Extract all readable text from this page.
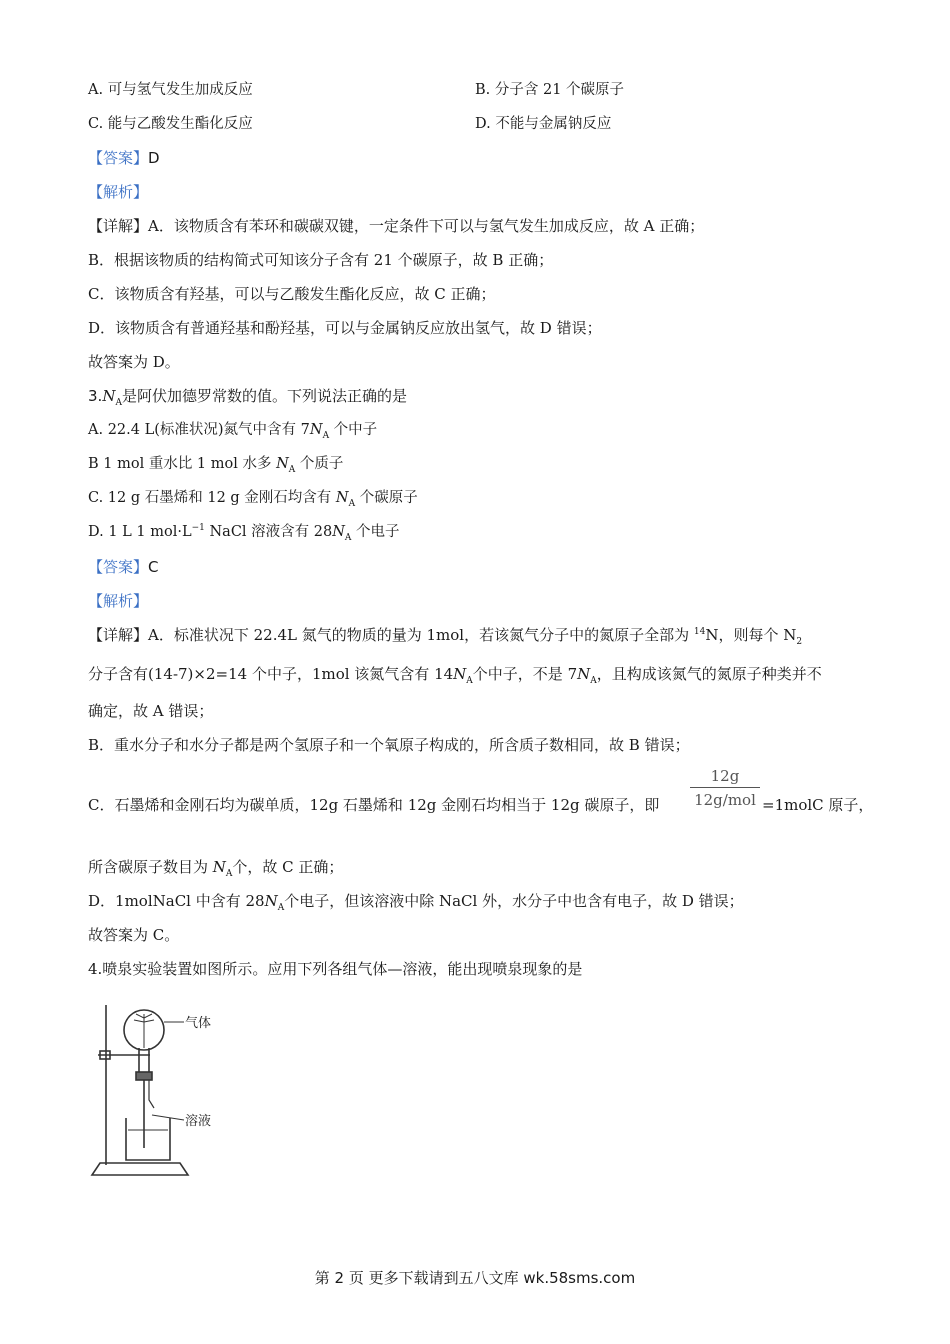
A. 可与氢气发生加成反应	B. 分子含 21 个碳原子
C. 能与乙酸发生酯化反应	D. 不能与金属钠反应
【答案】D
【解析】
【详解】A．该物质含有苯环和碳碳双键，一定条件下可以与氢气发生加成反应，故 A 正确；
B．根据该物质的结构简式可知该分子含有 21 个碳原子，故 B 正确；
C．该物质含有羟基，可以与乙酸发生酯化反应，故 C 正确；
D．该物质含有普通羟基和酚羟基，可以与金属钠反应放出氢气，故 D 错误；
故答案为 D。
$3.N_A$是阿伏加德罗常数的值。下列说法正确的是
A. 22.4 L(标准状况)氮气中含有 $7N_A$ 个中子
B 1 mol 重水比 1 mol 水多 $N_A$ 个质子
C. 12 g 石墨烯和 12 g 金刚石均含有 $N_A$ 个碳原子
D. 1 L 1 $mol\cdot L^{-1}$ NaCl 溶液含有 $28N_A$ 个电子
【答案】C
【解析】
【详解】A．标准状况下 22.4L 氮气的物质的量为 1mol，若该氮气分子中的氮原子全部为 $^{14}$N，则每个 $N_2$
分子含有(14-7)×2=14 个中子，1mol 该氮气含有 $14N_A$个中子，不是 $7N_A$，且构成该氮气的氮原子种类并不
确定，故 A 错误；
B．重水分子和水分子都是两个氢原子和一个氧原子构成的，所含质子数相同，故 B 错误；
C．石墨烯和金刚石均为碳单质，12g 石墨烯和 12g 金刚石均相当于 12g 碳原子，即
12g
12g/mol =1molC 原子，
所含碳原子数目为 $N_A$个，故 C 正确；
D．1molNaCl 中含有 $28N_A$个电子，但该溶液中除 NaCl 外，水分子中也含有电子，故 D 错误；
故答案为 C。
4.喷泉实验装置如图所示。应用下列各组气体—溶液，能出现喷泉现象的是
气体
溶液
第 2 页 更多下载请到五八文库 wk.58sms.com
